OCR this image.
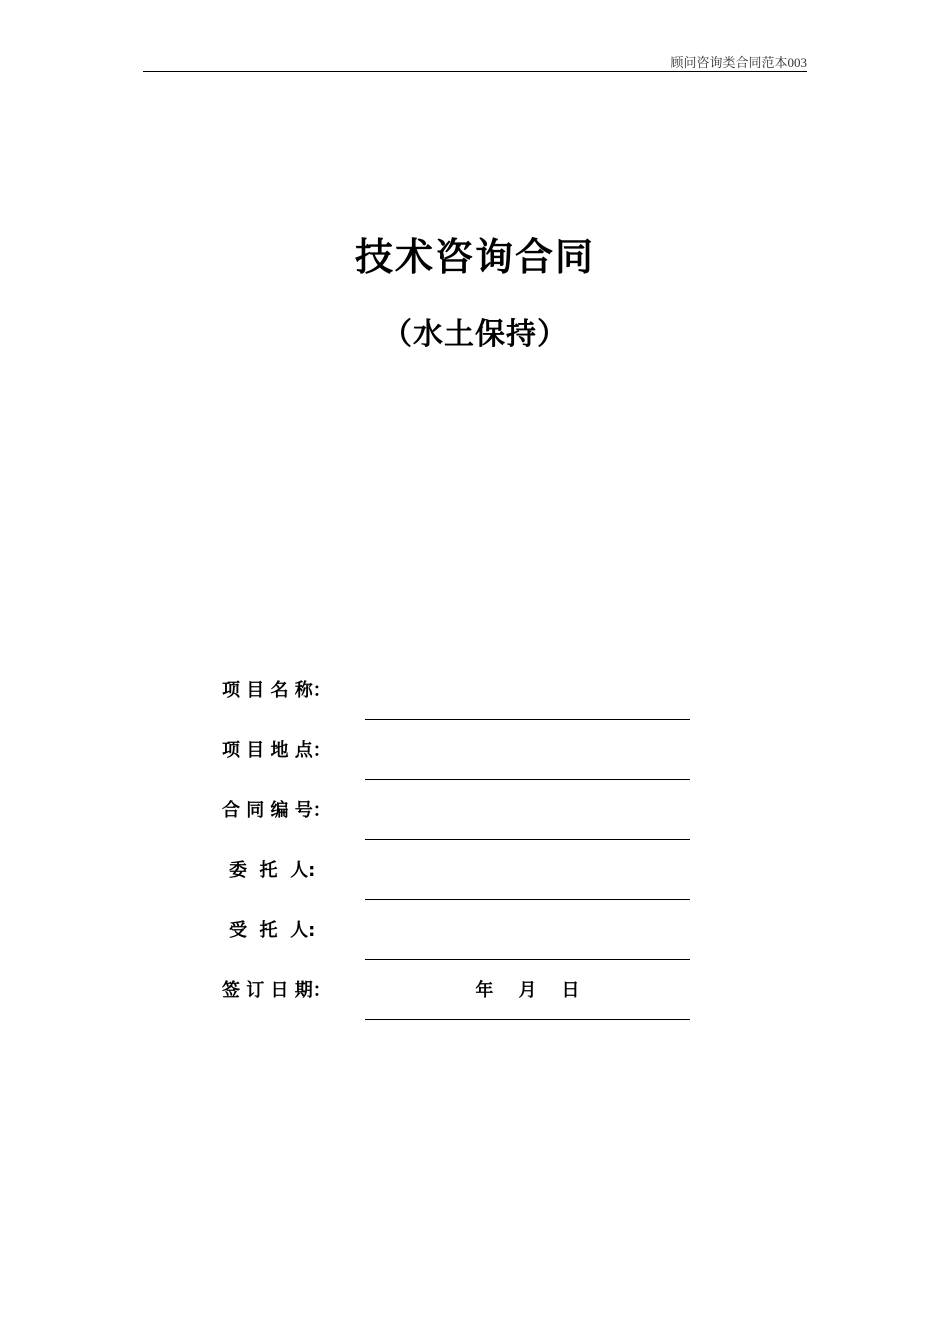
顾问咨询类合同范本003
技术咨询合同
（水土保持）
项 目 名 称：
项 目 地 点：
合 同 编 号：
委  托  人:
受  托  人:
签 订 日 期：	年    月    日
